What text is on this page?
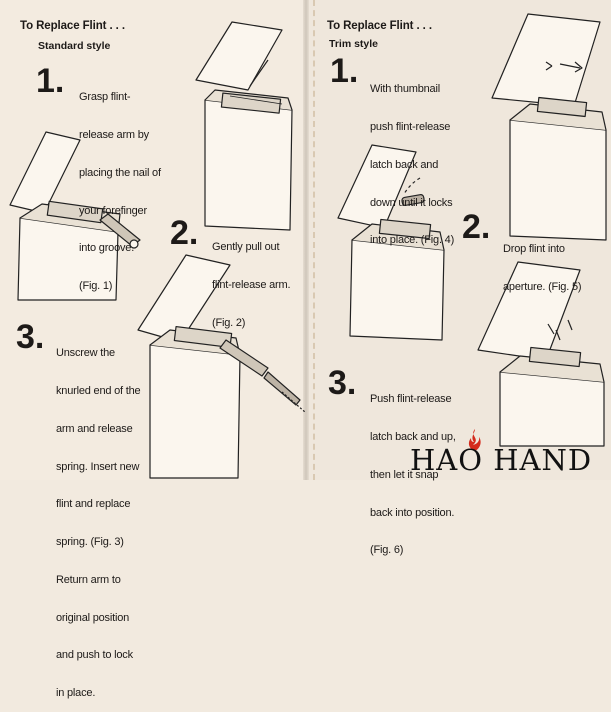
To Replace Flint . . .
Standard style
1.

Grasp flint-

release arm by

placing the nail of

your forefinger

into groove.

(Fig. 1)

2.

Gently pull out

flint-release arm.

(Fig. 2)

3.

Unscrew the

knurled end of the

arm and release

spring. Insert new

flint and replace

spring. (Fig. 3)

Return arm to

original position

and push to lock

in place.

To Replace Flint . . .
Trim style
1.

With thumbnail

push flint-release

latch back and

down until it locks

into place. (Fig. 4) 2.

Drop flint into

aperture. (Fig. 5)

3.

Push flint-release

latch back and up,

then let it snap

back into position.

(Fig. 6)

HAO HAND
